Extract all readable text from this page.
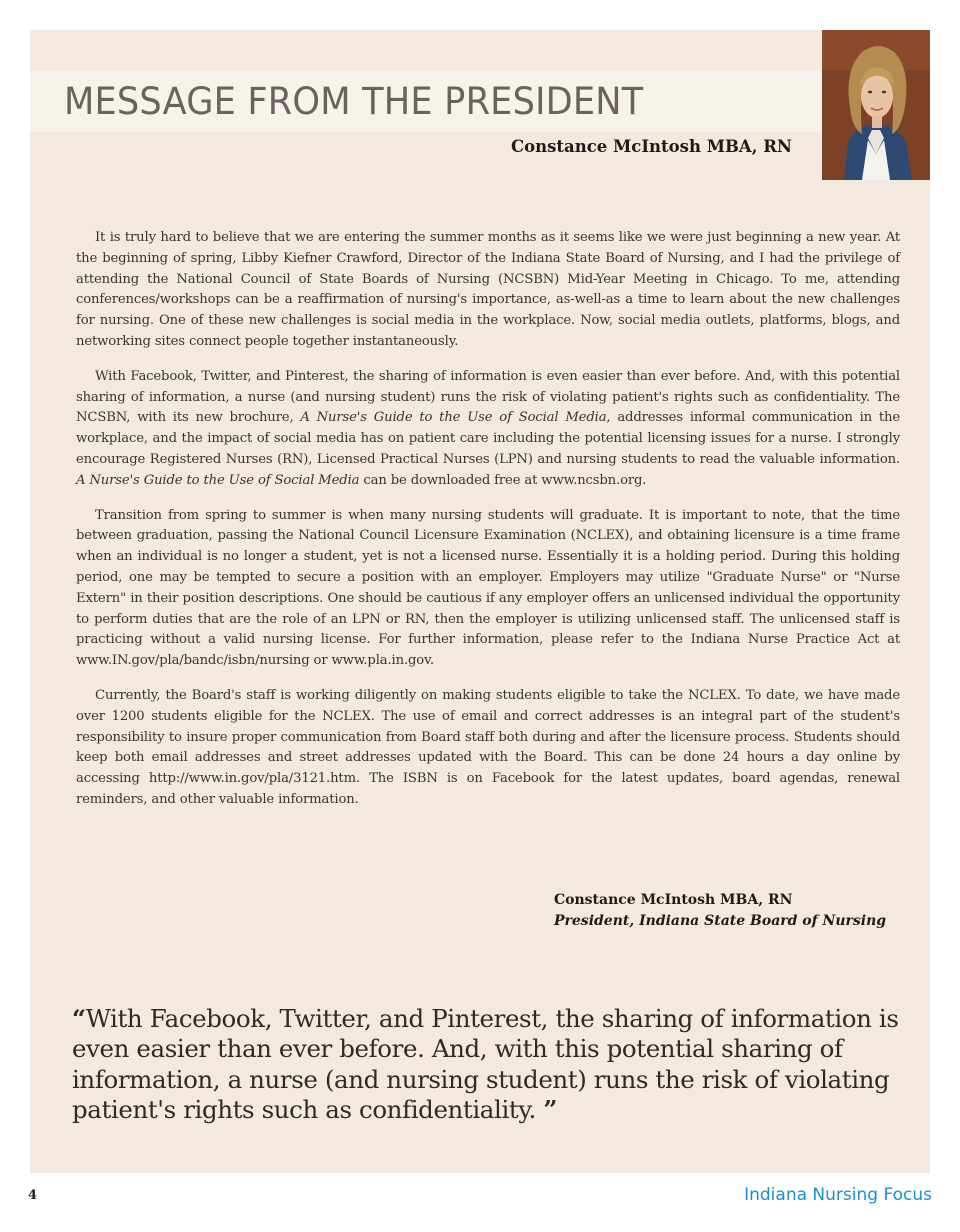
MESSAGE FROM THE PRESIDENT
Constance McIntosh MBA, RN

It is truly hard to believe that we are entering the summer months as it seems like we were just beginning a new year. At the beginning of spring, Libby Kiefner Crawford, Director of the Indiana State Board of Nursing, and I had the privilege of attending the National Council of State Boards of Nursing (NCSBN) Mid-Year Meeting in Chicago. To me, attending conferences/workshops can be a reaffirmation of nursing's importance, as-well-as a time to learn about the new challenges for nursing. One of these new challenges is social media in the workplace. Now, social media outlets, platforms, blogs, and networking sites connect people together instantaneously.

With Facebook, Twitter, and Pinterest, the sharing of information is even easier than ever before. And, with this potential sharing of information, a nurse (and nursing student) runs the risk of violating patient's rights such as confidentiality. The NCSBN, with its new brochure, A Nurse's Guide to the Use of Social Media, addresses informal communication in the workplace, and the impact of social media has on patient care including the potential licensing issues for a nurse. I strongly encourage Registered Nurses (RN), Licensed Practical Nurses (LPN) and nursing students to read the valuable information. A Nurse's Guide to the Use of Social Media can be downloaded free at www.ncsbn.org.

Transition from spring to summer is when many nursing students will graduate. It is important to note, that the time between graduation, passing the National Council Licensure Examination (NCLEX), and obtaining licensure is a time frame when an individual is no longer a student, yet is not a licensed nurse. Essentially it is a holding period. During this holding period, one may be tempted to secure a position with an employer. Employers may utilize "Graduate Nurse" or "Nurse Extern" in their position descriptions. One should be cautious if any employer offers an unlicensed individual the opportunity to perform duties that are the role of an LPN or RN, then the employer is utilizing unlicensed staff. The unlicensed staff is practicing without a valid nursing license. For further information, please refer to the Indiana Nurse Practice Act at www.IN.gov/pla/bandc/isbn/nursing or www.pla.in.gov.

Currently, the Board's staff is working diligently on making students eligible to take the NCLEX. To date, we have made over 1200 students eligible for the NCLEX. The use of email and correct addresses is an integral part of the student's responsibility to insure proper communication from Board staff both during and after the licensure process. Students should keep both email addresses and street addresses updated with the Board. This can be done 24 hours a day online by accessing http://www.in.gov/pla/3121.htm. The ISBN is on Facebook for the latest updates, board agendas, renewal reminders, and other valuable information.

Constance McIntosh MBA, RN
President, Indiana State Board of Nursing
“With Facebook, Twitter, and Pinterest, the sharing of information is even easier than ever before. And, with this potential sharing of information, a nurse (and nursing student) runs the risk of violating patient's rights such as confidentiality. ”
4	Indiana Nursing Focus
